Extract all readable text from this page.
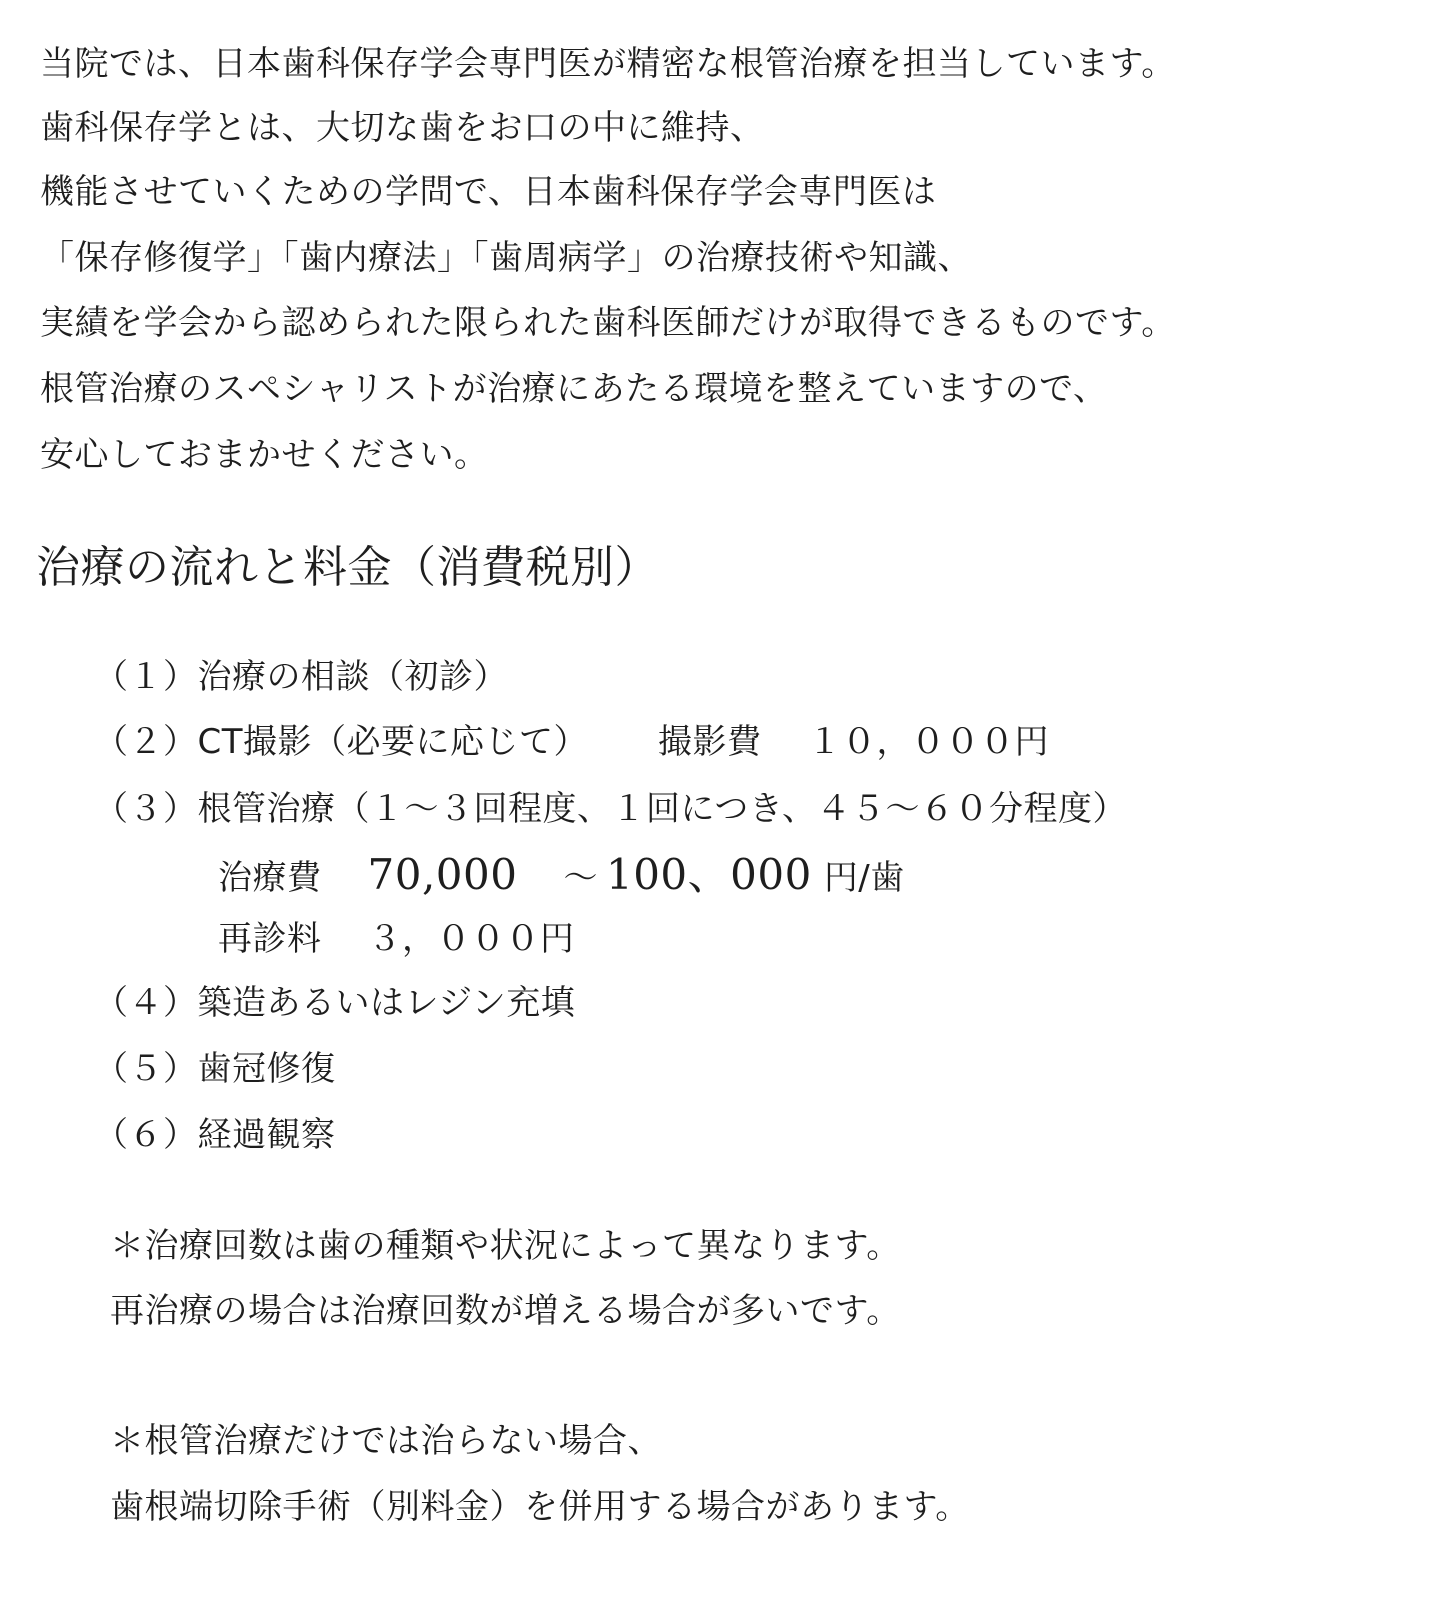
当院では、日本歯科保存学会専門医が精密な根管治療を担当しています。
歯科保存学とは、大切な歯をお口の中に維持、
機能させていくための学問で、日本歯科保存学会専門医は
「保存修復学」「歯内療法」「歯周病学」の治療技術や知識、
実績を学会から認められた限られた歯科医師だけが取得できるものです。
根管治療のスペシャリストが治療にあたる環境を整えていますので、
安心しておまかせください。
治療の流れと料金（消費税別）
（１）治療の相談（初診）
（２）CT撮影（必要に応じて） 撮影費 １０，０００円
（３）根管治療（１～３回程度、１回につき、４５～６０分程度）
治療費 70,000 ～ 100、000 円/歯
再診料 ３，０００円
（４）築造あるいはレジン充填
（５）歯冠修復
（６）経過観察
＊治療回数は歯の種類や状況によって異なります。
再治療の場合は治療回数が増える場合が多いです。
＊根管治療だけでは治らない場合、
歯根端切除手術（別料金）を併用する場合があります。
